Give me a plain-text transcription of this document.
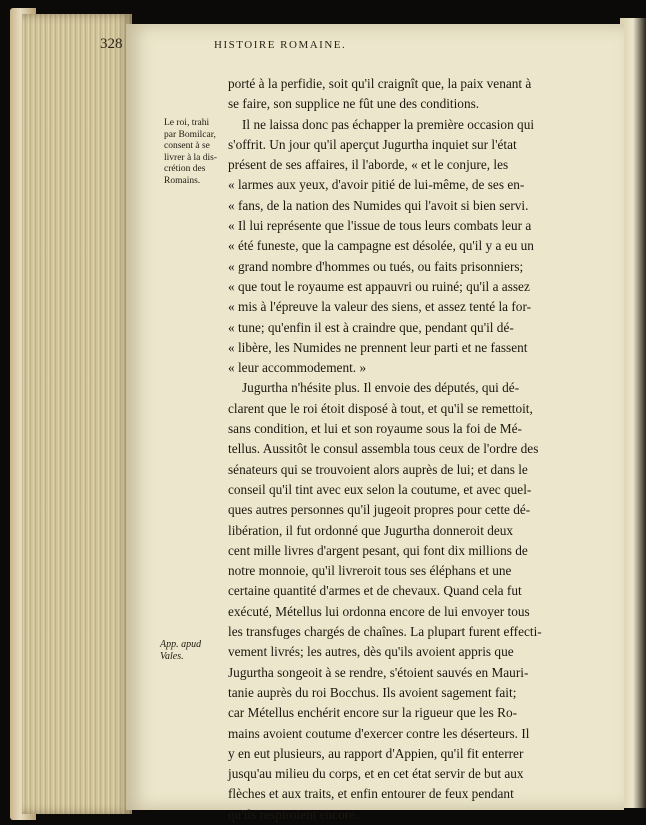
328	HISTOIRE ROMAINE.
Le roi, trahi
par Bomilcar,
consent à se
livrer à la dis-
crétion des
Romains.
App. apud Vales.
porté à la perfidie, soit qu'il craignît que, la paix venant à
se faire, son supplice ne fût une des conditions.
Il ne laissa donc pas échapper la première occasion qui
s'offrit. Un jour qu'il aperçut Jugurtha inquiet sur l'état
présent de ses affaires, il l'aborde, « et le conjure, les
« larmes aux yeux, d'avoir pitié de lui-même, de ses en-
« fans, de la nation des Numides qui l'avoit si bien servi.
« Il lui représente que l'issue de tous leurs combats leur a
« été funeste, que la campagne est désolée, qu'il y a eu un
« grand nombre d'hommes ou tués, ou faits prisonniers;
« que tout le royaume est appauvri ou ruiné; qu'il a assez
« mis à l'épreuve la valeur des siens, et assez tenté la for-
« tune; qu'enfin il est à craindre que, pendant qu'il dé-
« libère, les Numides ne prennent leur parti et ne fassent
« leur accommodement. »
Jugurtha n'hésite plus. Il envoie des députés, qui dé-
clarent que le roi étoit disposé à tout, et qu'il se remettoit,
sans condition, et lui et son royaume sous la foi de Mé-
tellus. Aussitôt le consul assembla tous ceux de l'ordre des
sénateurs qui se trouvoient alors auprès de lui; et dans le
conseil qu'il tint avec eux selon la coutume, et avec quel-
ques autres personnes qu'il jugeoit propres pour cette dé-
libération, il fut ordonné que Jugurtha donneroit deux
cent mille livres d'argent pesant, qui font dix millions de
notre monnoie, qu'il livreroit tous ses éléphans et une
certaine quantité d'armes et de chevaux. Quand cela fut
exécuté, Métellus lui ordonna encore de lui envoyer tous
les transfuges chargés de chaînes. La plupart furent effecti-
vement livrés; les autres, dès qu'ils avoient appris que
Jugurtha songeoit à se rendre, s'étoient sauvés en Mauri-
tanie auprès du roi Bocchus. Ils avoient sagement fait;
car Métellus enchérit encore sur la rigueur que les Ro-
mains avoient coutume d'exercer contre les déserteurs. Il
y en eut plusieurs, au rapport d'Appien, qu'il fit enterrer
jusqu'au milieu du corps, et en cet état servir de but aux
flèches et aux traits, et enfin entourer de feux pendant
qu'ils respiroient encore.
